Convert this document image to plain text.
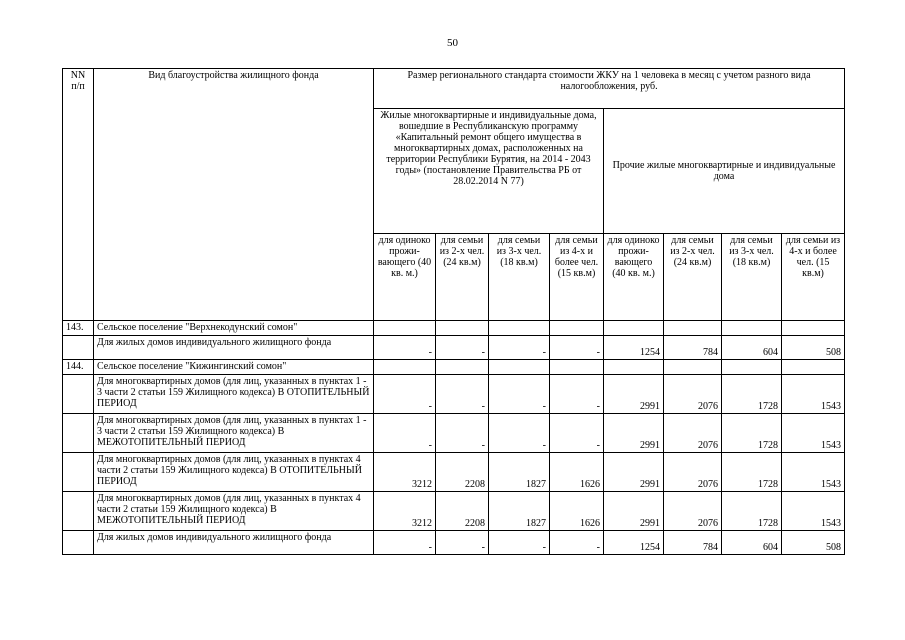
50
NN
п/п	Вид благоустройства жилищного фонда	Размер регионального стандарта стоимости ЖКУ на 1 человека в месяц с учетом разного вида налогообложения, руб.							
		Жилые многоквартирные и индивидуальные дома, вошедшие в Республиканскую программу «Капитальный ремонт общего имущества в многоквартирных домах, расположенных на территории Республики Бурятия, на 2014 - 2043 годы» (постановление Правительства РБ от 28.02.2014 N 77)				Прочие жилые многоквартирные и индивидуальные дома			
		для одиноко прожи-вающего (40 кв. м.)	для семьи из 2-х чел. (24 кв.м)	для семьи из 3-х чел. (18 кв.м)	для семьи из 4-х и более чел. (15 кв.м)	для одиноко прожи-вающего (40 кв. м.)	для семьи из 2-х чел. (24 кв.м)	для семьи из 3-х чел. (18 кв.м)	для семьи из 4-х и более чел. (15 кв.м)
143.	Сельское поселение "Верхнекодунский сомон"								
	Для жилых домов индивидуального жилищного фонда	-	-	-	-	1254	784	604	508
144.	Сельское поселение "Кижингинский сомон"								
	Для многоквартирных домов (для лиц, указанных в пунктах 1 - 3 части 2 статьи 159 Жилищного кодекса) В ОТОПИТЕЛЬНЫЙ ПЕРИОД	-	-	-	-	2991	2076	1728	1543
	Для многоквартирных домов (для лиц, указанных в пунктах 1 - 3 части 2 статьи 159 Жилищного кодекса) В МЕЖОТОПИТЕЛЬНЫЙ ПЕРИОД	-	-	-	-	2991	2076	1728	1543
	Для многоквартирных домов (для лиц, указанных в пунктах 4 части 2 статьи 159 Жилищного кодекса) В ОТОПИТЕЛЬНЫЙ ПЕРИОД	3212	2208	1827	1626	2991	2076	1728	1543
	Для многоквартирных домов (для лиц, указанных в пунктах 4 части 2 статьи 159 Жилищного кодекса) В МЕЖОТОПИТЕЛЬНЫЙ ПЕРИОД	3212	2208	1827	1626	2991	2076	1728	1543
	Для жилых домов индивидуального жилищного фонда	-	-	-	-	1254	784	604	508
